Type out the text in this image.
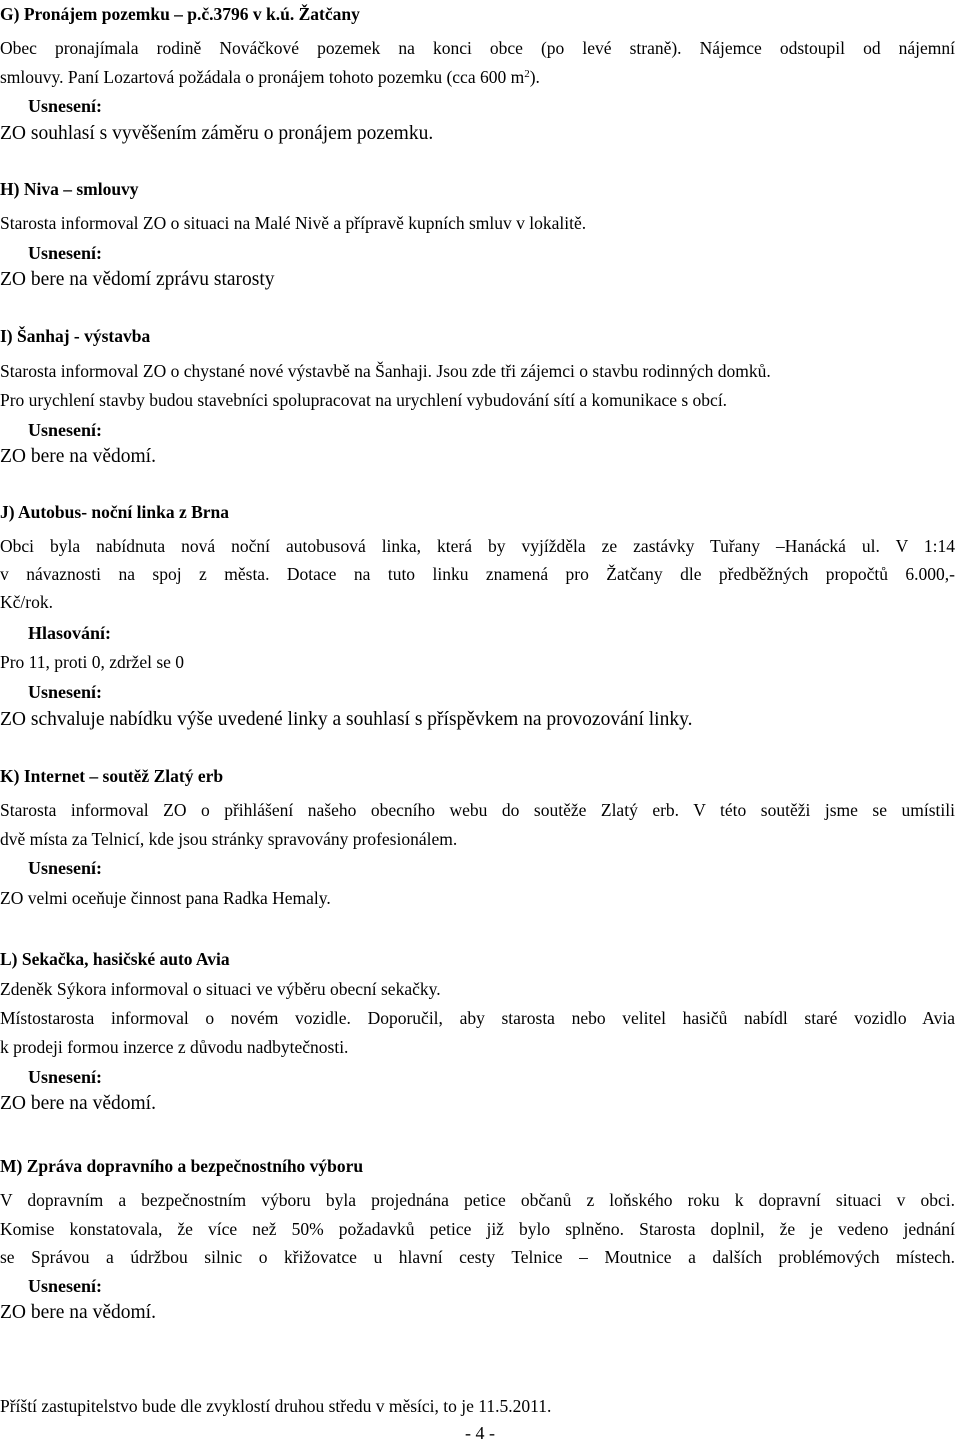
G) Pronájem pozemku – p.č.3796 v k.ú. Žatčany

Obec pronajímala rodině Nováčkové pozemek na konci obce (po levé straně). Nájemce odstoupil od nájemní

smlouvy. Paní Lozartová požádala o pronájem tohoto pozemku (cca 600 $m^2$).

Usnesení:

ZO souhlasí s vyvěšením záměru o pronájem pozemku.

H) Niva – smlouvy

Starosta informoval ZO o situaci na Malé Nivě a přípravě kupních smluv v lokalitě.

Usnesení:

ZO bere na vědomí zprávu starosty

I) Šanhaj - výstavba

Starosta informoval ZO o chystané nové výstavbě na Šanhaji. Jsou zde tři zájemci o stavbu rodinných domků.

Pro urychlení stavby budou stavebníci spolupracovat na urychlení vybudování sítí a komunikace s obcí.

Usnesení:

ZO bere na vědomí.

J) Autobus- noční linka z Brna

Obci byla nabídnuta nová noční autobusová linka, která by vyjížděla ze zastávky Tuřany –Hanácká ul. V 1:14

v návaznosti na spoj z města. Dotace na tuto linku znamená pro Žatčany dle předběžných propočtů 6.000,-

Kč/rok.

Hlasování:

Pro 11, proti 0, zdržel se 0

Usnesení:

ZO schvaluje nabídku výše uvedené linky a souhlasí s příspěvkem na provozování linky.

K) Internet – soutěž Zlatý erb

Starosta informoval ZO o přihlášení našeho obecního webu do soutěže Zlatý erb. V této soutěži jsme se umístili

dvě místa za Telnicí, kde jsou stránky spravovány profesionálem.

Usnesení:

ZO velmi oceňuje činnost pana Radka Hemaly.

L) Sekačka, hasičské auto Avia

Zdeněk Sýkora informoval o situaci ve výběru obecní sekačky.

Místostarosta informoval o novém vozidle. Doporučil, aby starosta nebo velitel hasičů nabídl staré vozidlo Avia

k prodeji formou inzerce z důvodu nadbytečnosti.

Usnesení:

ZO bere na vědomí.

M) Zpráva dopravního a bezpečnostního výboru

V dopravním a bezpečnostním výboru byla projednána petice občanů z loňského roku k dopravní situaci v obci.

Komise konstatovala, že více než 50% požadavků petice již bylo splněno. Starosta doplnil, že je vedeno jednání

se Správou a údržbou silnic o křižovatce u hlavní cesty Telnice – Moutnice a dalších problémových místech.

Usnesení:

ZO bere na vědomí.

Příští zastupitelstvo bude dle zvyklostí druhou středu v měsíci, to je 11.5.2011.

- 4 -
